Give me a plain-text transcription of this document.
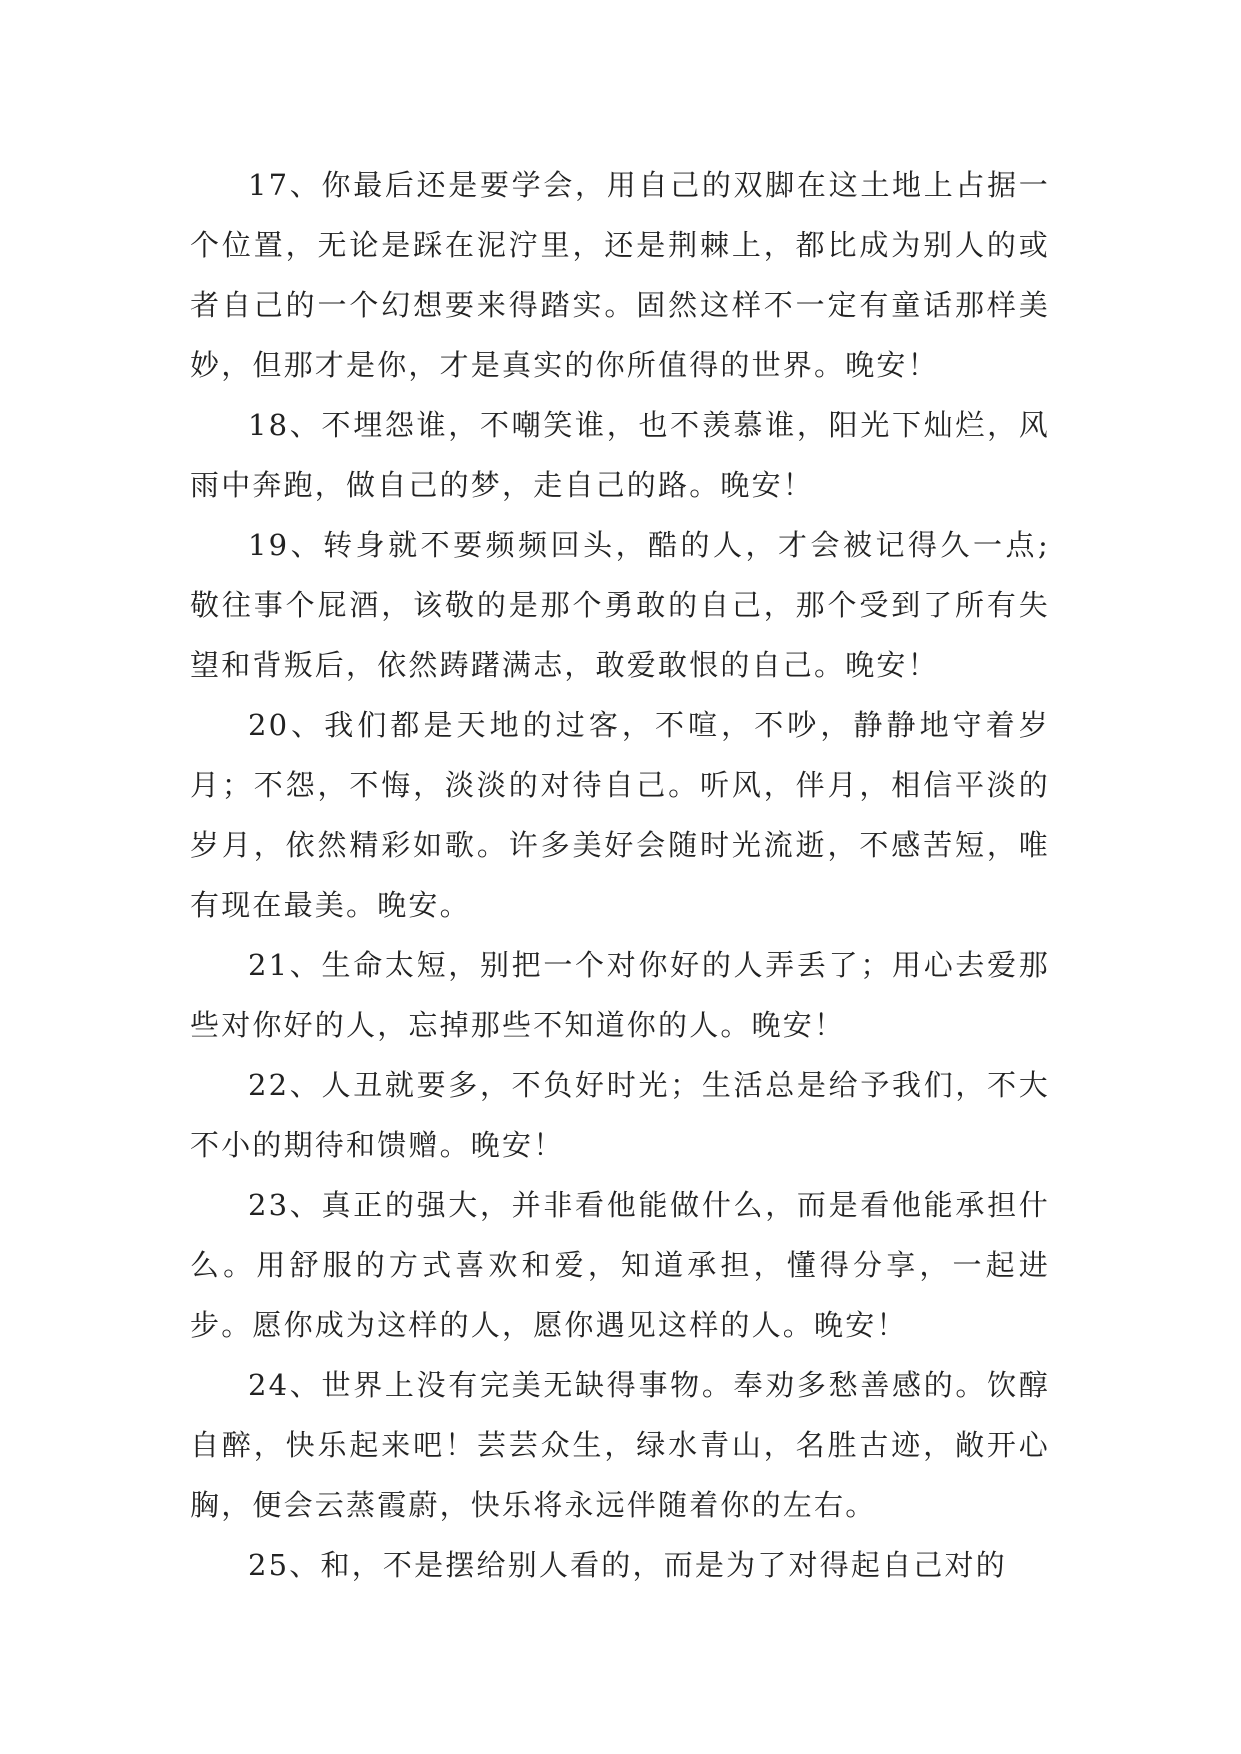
17、你最后还是要学会，用自己的双脚在这土地上占据一个位置，无论是踩在泥泞里，还是荆棘上，都比成为别人的或者自己的一个幻想要来得踏实。固然这样不一定有童话那样美妙，但那才是你，才是真实的你所值得的世界。晚安！

18、不埋怨谁，不嘲笑谁，也不羡慕谁，阳光下灿烂，风雨中奔跑，做自己的梦，走自己的路。晚安！

19、转身就不要频频回头，酷的人，才会被记得久一点;敬往事个屁酒，该敬的是那个勇敢的自己，那个受到了所有失望和背叛后，依然踌躇满志，敢爱敢恨的自己。晚安！

20、我们都是天地的过客，不喧，不吵，静静地守着岁月；不怨，不悔，淡淡的对待自己。听风，伴月，相信平淡的岁月，依然精彩如歌。许多美好会随时光流逝，不感苦短，唯有现在最美。晚安。

21、生命太短，别把一个对你好的人弄丢了；用心去爱那些对你好的人，忘掉那些不知道你的人。晚安！

22、人丑就要多，不负好时光；生活总是给予我们，不大不小的期待和馈赠。晚安！

23、真正的强大，并非看他能做什么，而是看他能承担什么。用舒服的方式喜欢和爱，知道承担，懂得分享，一起进步。愿你成为这样的人，愿你遇见这样的人。晚安！

24、世界上没有完美无缺得事物。奉劝多愁善感的。饮醇自醉，快乐起来吧！芸芸众生，绿水青山，名胜古迹，敞开心胸，便会云蒸霞蔚，快乐将永远伴随着你的左右。

25、和，不是摆给别人看的，而是为了对得起自己对的
